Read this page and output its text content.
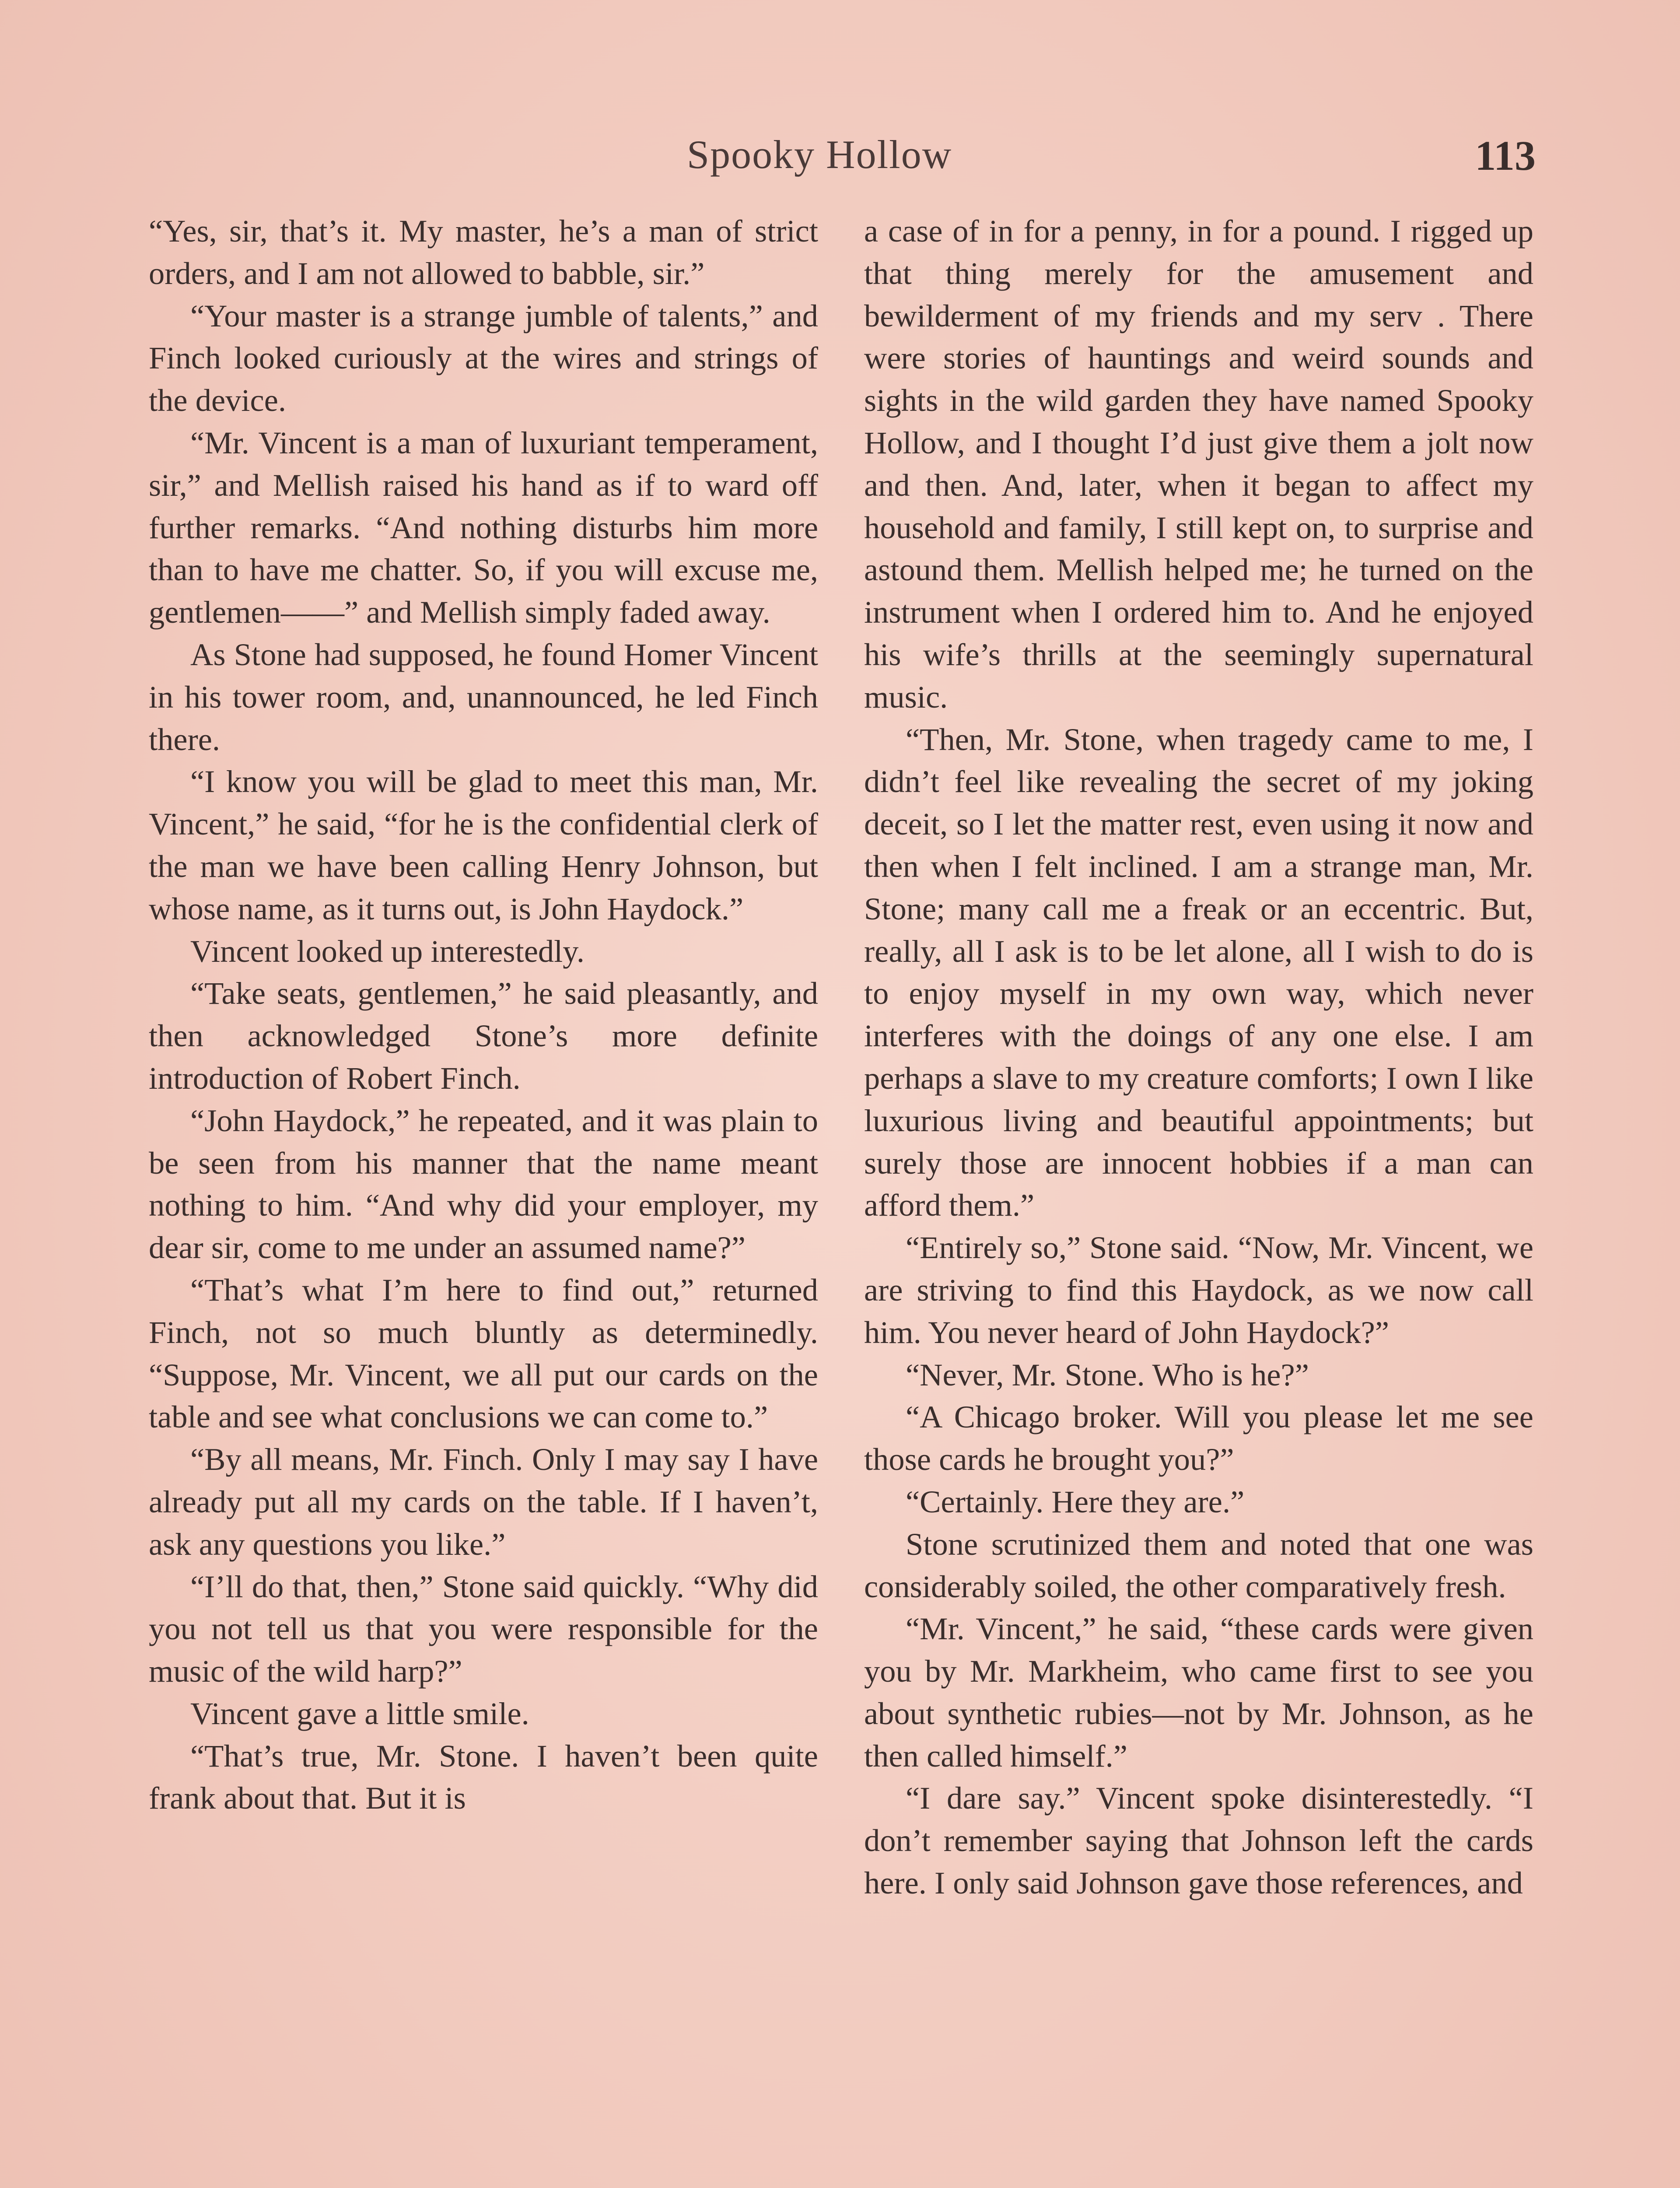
Spooky Hollow	113

“Yes, sir, that’s it. My master, he’s a man of strict orders, and I am not allowed to babble, sir.”

“Your master is a strange jumble of talents,” and Finch looked curiously at the wires and strings of the device.

“Mr. Vincent is a man of luxuriant temperament, sir,” and Mellish raised his hand as if to ward off further remarks. “And nothing disturbs him more than to have me chatter. So, if you will excuse me, gentlemen——” and Mellish simply faded away.

As Stone had supposed, he found Homer Vincent in his tower room, and, unannounced, he led Finch there.

“I know you will be glad to meet this man, Mr. Vincent,” he said, “for he is the confidential clerk of the man we have been calling Henry Johnson, but whose name, as it turns out, is John Haydock.”

Vincent looked up interestedly.

“Take seats, gentlemen,” he said pleasantly, and then acknowledged Stone’s more definite introduction of Robert Finch.

“John Haydock,” he repeated, and it was plain to be seen from his manner that the name meant nothing to him. “And why did your employer, my dear sir, come to me under an assumed name?”

“That’s what I’m here to find out,” returned Finch, not so much bluntly as determinedly. “Suppose, Mr. Vincent, we all put our cards on the table and see what conclusions we can come to.”

“By all means, Mr. Finch. Only I may say I have already put all my cards on the table. If I haven’t, ask any questions you like.”

“I’ll do that, then,” Stone said quickly. “Why did you not tell us that you were responsible for the music of the wild harp?”

Vincent gave a little smile.

“That’s true, Mr. Stone. I haven’t been quite frank about that. But it is

a case of in for a penny, in for a pound. I rigged up that thing merely for the amusement and bewilderment of my friends and my serv . There were stories of hauntings and weird sounds and sights in the wild garden they have named Spooky Hollow, and I thought I’d just give them a jolt now and then. And, later, when it began to affect my household and family, I still kept on, to surprise and astound them. Mellish helped me; he turned on the instrument when I ordered him to. And he enjoyed his wife’s thrills at the seemingly supernatural music.

“Then, Mr. Stone, when tragedy came to me, I didn’t feel like revealing the secret of my joking deceit, so I let the matter rest, even using it now and then when I felt inclined. I am a strange man, Mr. Stone; many call me a freak or an eccentric. But, really, all I ask is to be let alone, all I wish to do is to enjoy myself in my own way, which never interferes with the doings of any one else. I am perhaps a slave to my creature comforts; I own I like luxurious living and beautiful appointments; but surely those are innocent hobbies if a man can afford them.”

“Entirely so,” Stone said. “Now, Mr. Vincent, we are striving to find this Haydock, as we now call him. You never heard of John Haydock?”

“Never, Mr. Stone. Who is he?”

“A Chicago broker. Will you please let me see those cards he brought you?”

“Certainly. Here they are.”

Stone scrutinized them and noted that one was considerably soiled, the other comparatively fresh.

“Mr. Vincent,” he said, “these cards were given you by Mr. Markheim, who came first to see you about synthetic rubies—not by Mr. Johnson, as he then called himself.”

“I dare say.” Vincent spoke disinterestedly. “I don’t remember saying that Johnson left the cards here. I only said Johnson gave those references, and
